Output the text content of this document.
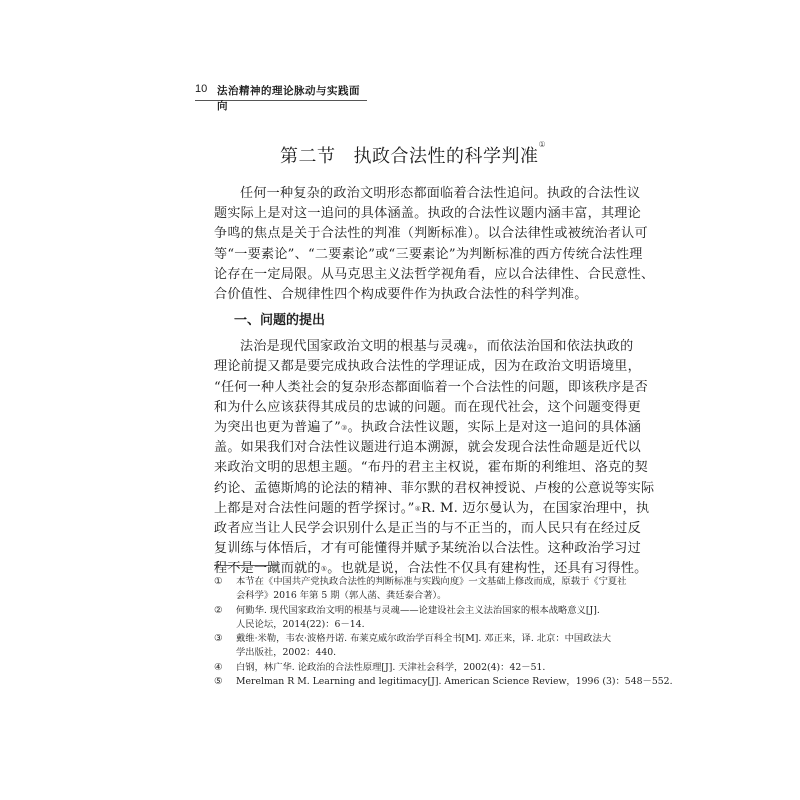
10 法治精神的理论脉动与实践面向
第二节 执政合法性的科学判准①

任何一种复杂的政治文明形态都面临着合法性追问。执政的合法性议

题实际上是对这一追问的具体涵盖。执政的合法性议题内涵丰富，其理论

争鸣的焦点是关于合法性的判准（判断标准）。以合法律性或被统治者认可

等“一要素论”、“二要素论”或“三要素论”为判断标准的西方传统合法性理

论存在一定局限。从马克思主义法哲学视角看，应以合法律性、合民意性、

合价值性、合规律性四个构成要件作为执政合法性的科学判准。

一、问题的提出

法治是现代国家政治文明的根基与灵魂②，而依法治国和依法执政的

理论前提又都是要完成执政合法性的学理证成，因为在政治文明语境里，

“任何一种人类社会的复杂形态都面临着一个合法性的问题，即该秩序是否

和为什么应该获得其成员的忠诚的问题。而在现代社会，这个问题变得更

为突出也更为普遍了”③。执政合法性议题，实际上是对这一追问的具体涵

盖。如果我们对合法性议题进行追本溯源，就会发现合法性命题是近代以

来政治文明的思想主题。“布丹的君主主权说，霍布斯的利维坦、洛克的契

约论、孟德斯鸠的论法的精神、菲尔默的君权神授说、卢梭的公意说等实际

上都是对合法性问题的哲学探讨。”④R. M. 迈尔曼认为，在国家治理中，执

政者应当让人民学会识别什么是正当的与不正当的，而人民只有在经过反

复训练与体悟后，才有可能懂得并赋予某统治以合法性。这种政治学习过

程不是一蹴而就的⑤。也就是说，合法性不仅具有建构性，还具有习得性。

① 本节在《中国共产党执政合法性的判断标准与实践向度》一文基础上修改而成，原载于《宁夏社

会科学》2016 年第 5 期（郭人菡、龚廷泰合著）。

② 何勤华. 现代国家政治文明的根基与灵魂——论建设社会主义法治国家的根本战略意义[J].

人民论坛，2014(22)：6－14.

③ 戴维·米勒，韦农·波格丹诺. 布莱克威尔政治学百科全书[M]. 邓正来，译. 北京：中国政法大

学出版社，2002：440.

④ 白钢，林广华. 论政治的合法性原理[J]. 天津社会科学，2002(4)：42－51.

⑤ Merelman R M. Learning and legitimacy[J]. American Science Review，1996 (3)：548－552.
